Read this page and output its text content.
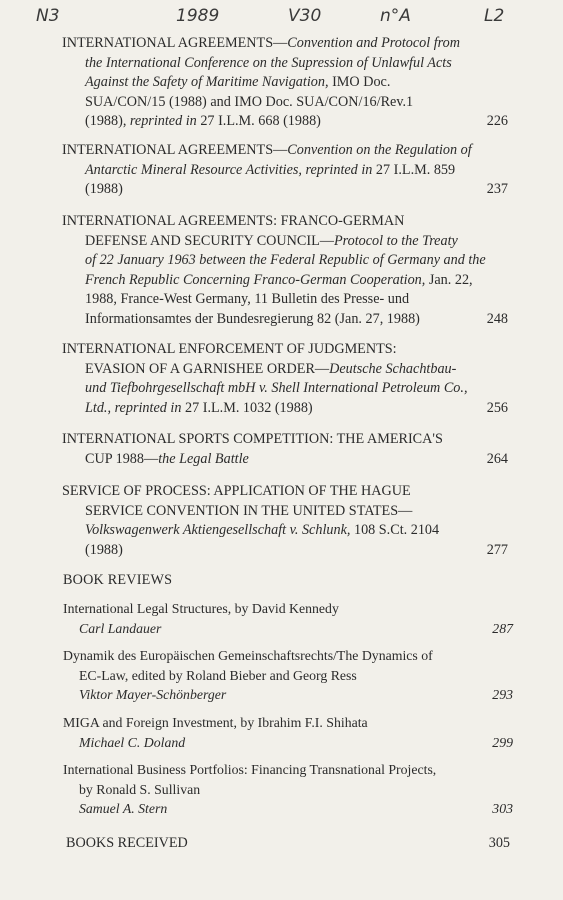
N3	1989	V30	n°A	L2
INTERNATIONAL AGREEMENTS—Convention and Protocol from
the International Conference on the Supression of Unlawful Acts
Against the Safety of Maritime Navigation, IMO Doc.
SUA/CON/15 (1988) and IMO Doc. SUA/CON/16/Rev.1
(1988), reprinted in 27 I.L.M. 668 (1988)	226
INTERNATIONAL AGREEMENTS—Convention on the Regulation of
Antarctic Mineral Resource Activities, reprinted in 27 I.L.M. 859
(1988)	237
INTERNATIONAL AGREEMENTS: FRANCO-GERMAN
DEFENSE AND SECURITY COUNCIL—Protocol to the Treaty
of 22 January 1963 between the Federal Republic of Germany and the
French Republic Concerning Franco-German Cooperation, Jan. 22,
1988, France-West Germany, 11 Bulletin des Presse- und
Informationsamtes der Bundesregierung 82 (Jan. 27, 1988)	248
INTERNATIONAL ENFORCEMENT OF JUDGMENTS:
EVASION OF A GARNISHEE ORDER—Deutsche Schachtbau-
und Tiefbohrgesellschaft mbH v. Shell International Petroleum Co.,
Ltd., reprinted in 27 I.L.M. 1032 (1988)	256
INTERNATIONAL SPORTS COMPETITION: THE AMERICA'S
CUP 1988—the Legal Battle	264
SERVICE OF PROCESS: APPLICATION OF THE HAGUE
SERVICE CONVENTION IN THE UNITED STATES—
Volkswagenwerk Aktiengesellschaft v. Schlunk, 108 S.Ct. 2104
(1988)	277
BOOK REVIEWS
International Legal Structures, by David Kennedy
Carl Landauer	287
Dynamik des Europäischen Gemeinschaftsrechts/The Dynamics of
EC-Law, edited by Roland Bieber and Georg Ress
Viktor Mayer-Schönberger	293
MIGA and Foreign Investment, by Ibrahim F.I. Shihata
Michael C. Doland	299
International Business Portfolios: Financing Transnational Projects,
by Ronald S. Sullivan
Samuel A. Stern	303
BOOKS RECEIVED	305
